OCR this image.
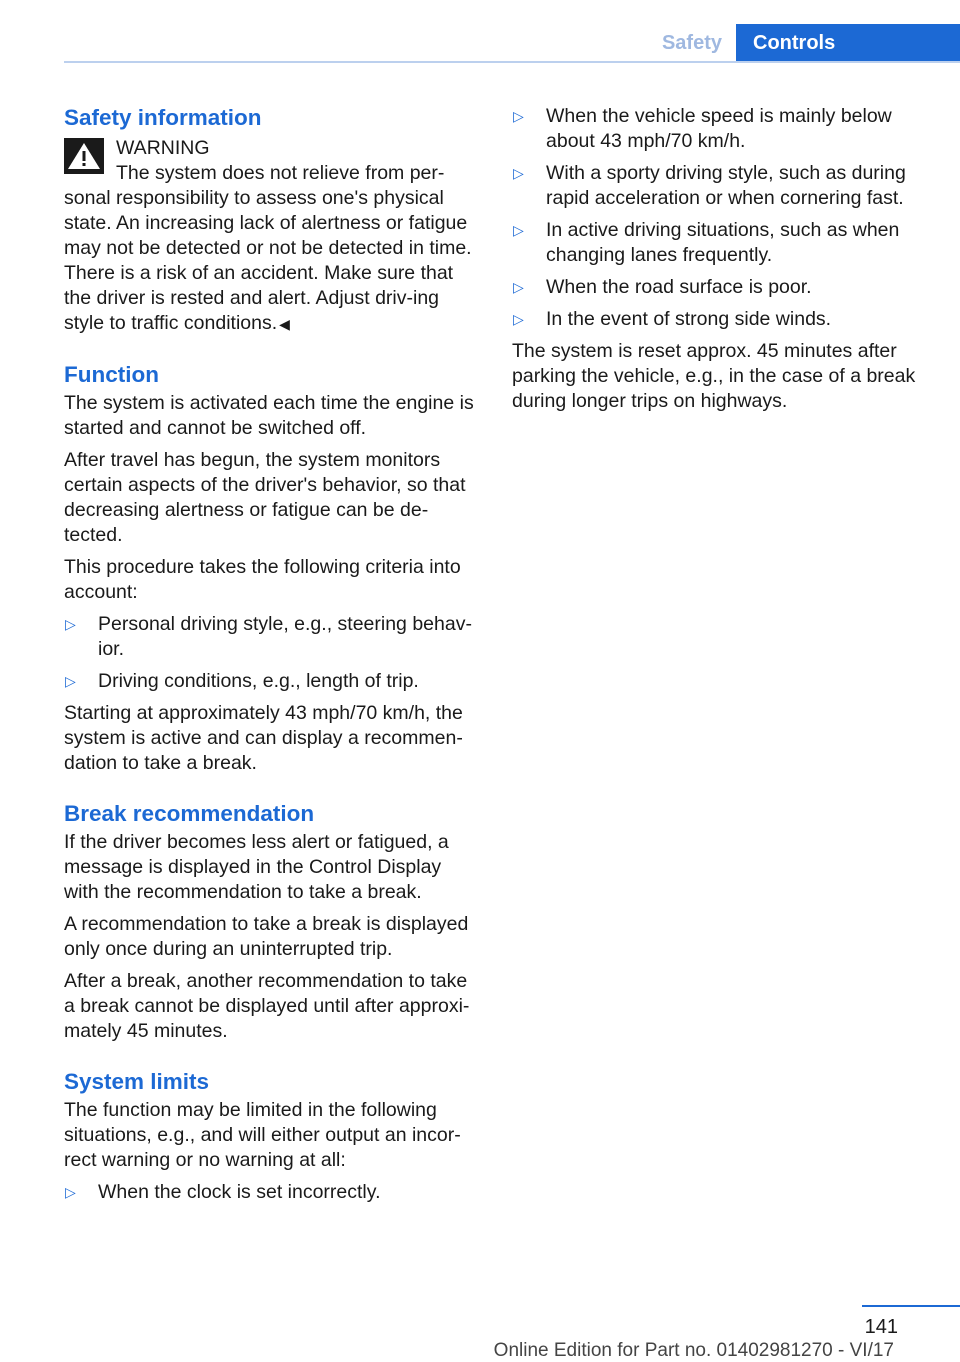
Safety	Controls
Safety information
WARNING
The system does not relieve from per-sonal responsibility to assess one's physical state. An increasing lack of alertness or fatigue may not be detected or not be detected in time. There is a risk of an accident. Make sure that the driver is rested and alert. Adjust driv-ing style to traffic conditions. ◀
Function

The system is activated each time the engine is started and cannot be switched off.

After travel has begun, the system monitors certain aspects of the driver's behavior, so that decreasing alertness or fatigue can be de-tected.

This procedure takes the following criteria into account:

▷ Personal driving style, e.g., steering behav-ior.
▷ Driving conditions, e.g., length of trip.

Starting at approximately 43 mph/70 km/h, the system is active and can display a recommen-dation to take a break.

Break recommendation

If the driver becomes less alert or fatigued, a message is displayed in the Control Display with the recommendation to take a break.

A recommendation to take a break is displayed only once during an uninterrupted trip.

After a break, another recommendation to take a break cannot be displayed until after approxi-mately 45 minutes.

System limits

The function may be limited in the following situations, e.g., and will either output an incor-rect warning or no warning at all:

▷ When the clock is set incorrectly.
▷ When the vehicle speed is mainly below about 43 mph/70 km/h.
▷ With a sporty driving style, such as during rapid acceleration or when cornering fast.
▷ In active driving situations, such as when changing lanes frequently.
▷ When the road surface is poor.
▷ In the event of strong side winds.

The system is reset approx. 45 minutes after parking the vehicle, e.g., in the case of a break during longer trips on highways.

141
Online Edition for Part no. 01402981270 - VI/17
